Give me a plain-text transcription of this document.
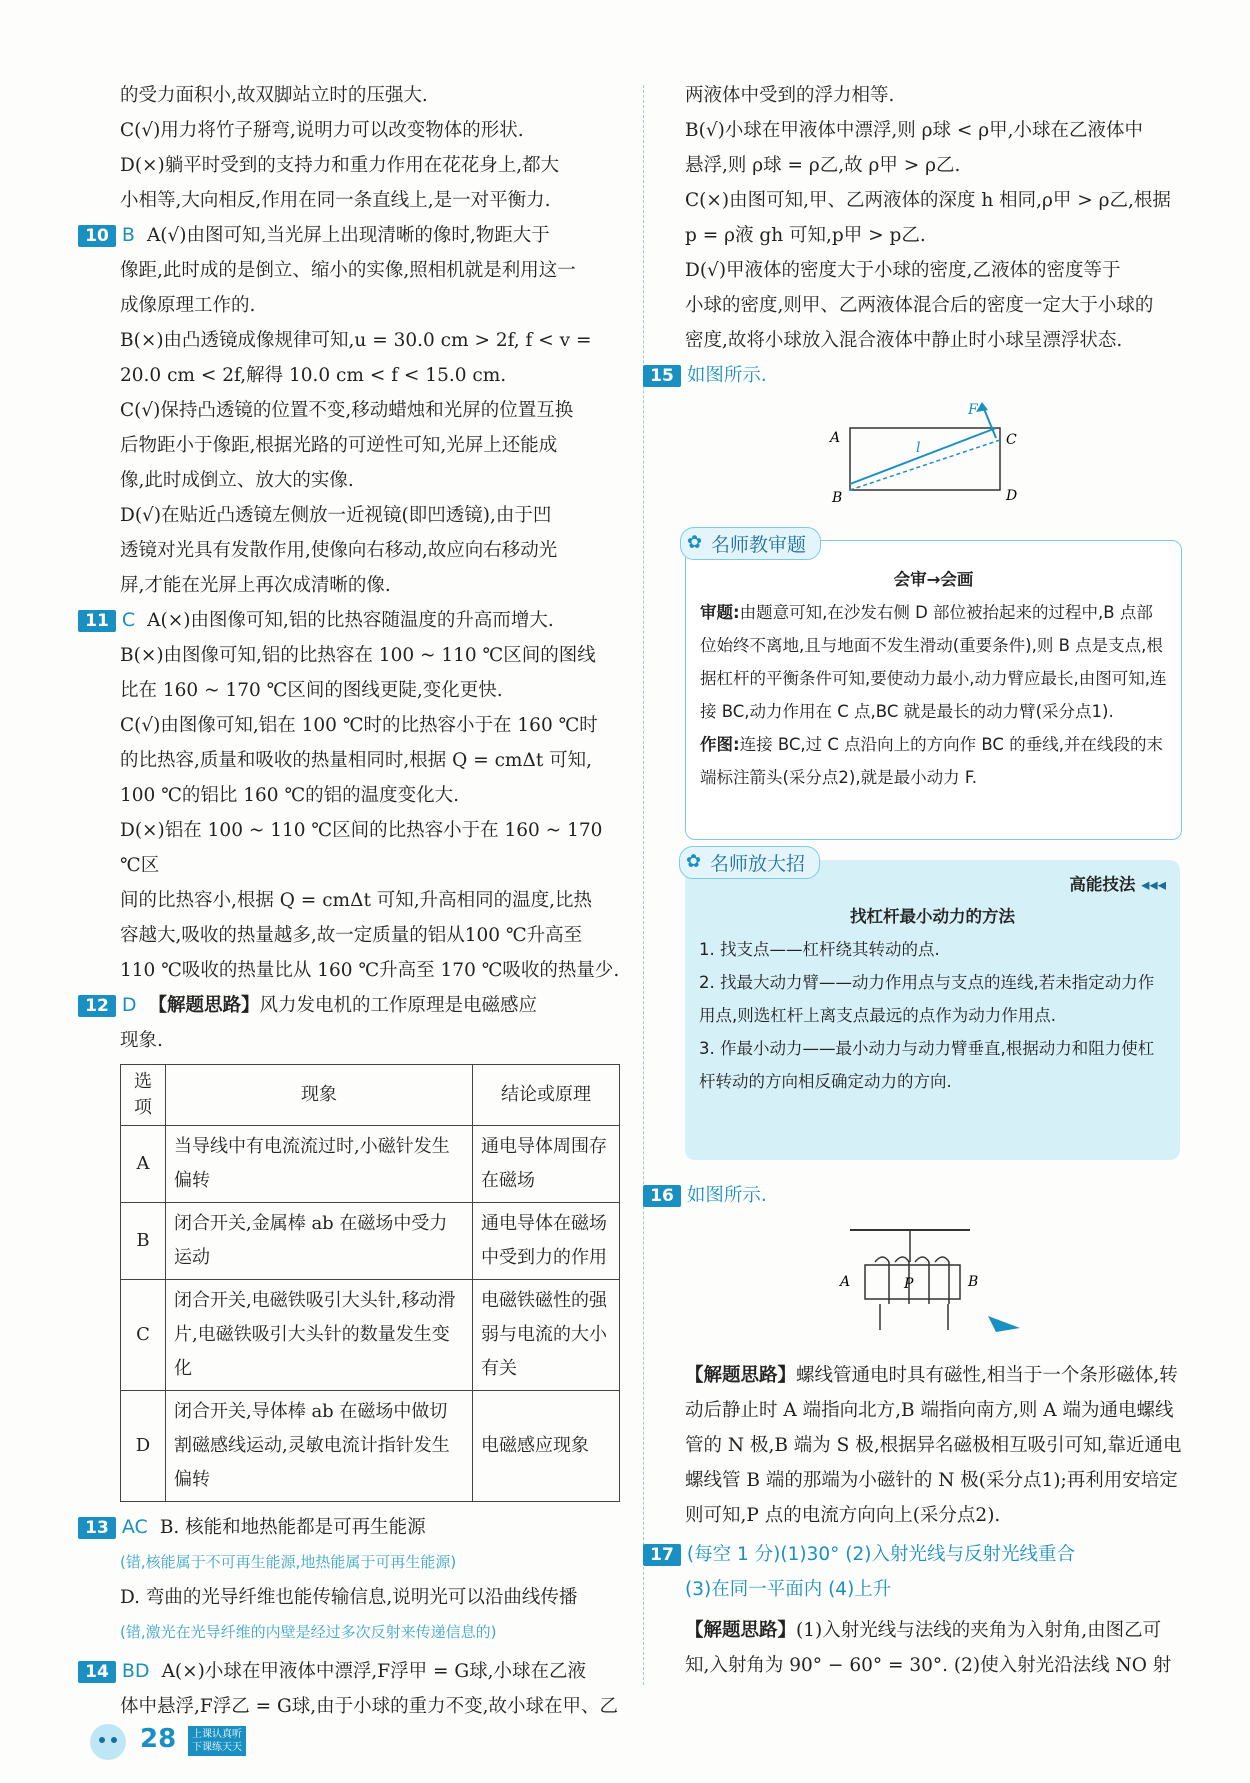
的受力面积小,故双脚站立时的压强大.

C(√)用力将竹子掰弯,说明力可以改变物体的形状.

D(×)躺平时受到的支持力和重力作用在花花身上,都大

小相等,大向相反,作用在同一条直线上,是一对平衡力.

10 B A(√)由图可知,当光屏上出现清晰的像时,物距大于

像距,此时成的是倒立、缩小的实像,照相机就是利用这一

成像原理工作的.

B(×)由凸透镜成像规律可知,u = 30.0 cm > 2f, f < v =

20.0 cm < 2f,解得 10.0 cm < f < 15.0 cm.

C(√)保持凸透镜的位置不变,移动蜡烛和光屏的位置互换

后物距小于像距,根据光路的可逆性可知,光屏上还能成

像,此时成倒立、放大的实像.

D(√)在贴近凸透镜左侧放一近视镜(即凹透镜),由于凹

透镜对光具有发散作用,使像向右移动,故应向右移动光

屏,才能在光屏上再次成清晰的像.

11 C A(×)由图像可知,铝的比热容随温度的升高而增大.

B(×)由图像可知,铝的比热容在 100 ~ 110 ℃区间的图线

比在 160 ~ 170 ℃区间的图线更陡,变化更快.

C(√)由图像可知,铝在 100 ℃时的比热容小于在 160 ℃时

的比热容,质量和吸收的热量相同时,根据 Q = cmΔt 可知,

100 ℃的铝比 160 ℃的铝的温度变化大.

D(×)铝在 100 ~ 110 ℃区间的比热容小于在 160 ~ 170 ℃区

间的比热容小,根据 Q = cmΔt 可知,升高相同的温度,比热

容越大,吸收的热量越多,故一定质量的铝从100 ℃升高至

110 ℃吸收的热量比从 160 ℃升高至 170 ℃吸收的热量少.

12 D 【解题思路】风力发电机的工作原理是电磁感应

现象.

选项	现象	结论或原理
A	当导线中有电流流过时,小磁针发生偏转	通电导体周围存在磁场
B	闭合开关,金属棒 ab 在磁场中受力运动	通电导体在磁场中受到力的作用
C	闭合开关,电磁铁吸引大头针,移动滑片,电磁铁吸引大头针的数量发生变化	电磁铁磁性的强弱与电流的大小有关
D	闭合开关,导体棒 ab 在磁场中做切割磁感线运动,灵敏电流计指针发生偏转	电磁感应现象

13 AC B. 核能和地热能都是可再生能源

(错,核能属于不可再生能源,地热能属于可再生能源)

D. 弯曲的光导纤维也能传输信息,说明光可以沿曲线传播

(错,激光在光导纤维的内壁是经过多次反射来传递信息的)

14 BD A(×)小球在甲液体中漂浮,F浮甲 = G球,小球在乙液

体中悬浮,F浮乙 = G球,由于小球的重力不变,故小球在甲、乙

两液体中受到的浮力相等.

B(√)小球在甲液体中漂浮,则 ρ球 < ρ甲,小球在乙液体中

悬浮,则 ρ球 = ρ乙,故 ρ甲 > ρ乙.

C(×)由图可知,甲、乙两液体的深度 h 相同,ρ甲 > ρ乙,根据

p = ρ液 gh 可知,p甲 > p乙.

D(√)甲液体的密度大于小球的密度,乙液体的密度等于

小球的密度,则甲、乙两液体混合后的密度一定大于小球的

密度,故将小球放入混合液体中静止时小球呈漂浮状态.

15 如图所示.

A
B
C
D
F
l
✿ 名师教审题

会审→会画

审题:由题意可知,在沙发右侧 D 部位被抬起来的过程中,B 点部位始终不离地,且与地面不发生滑动(重要条件),则 B 点是支点,根据杠杆的平衡条件可知,要使动力最小,动力臂应最长,由图可知,连接 BC,动力作用在 C 点,BC 就是最长的动力臂(采分点1).

作图:连接 BC,过 C 点沿向上的方向作 BC 的垂线,并在线段的末端标注箭头(采分点2),就是最小动力 F.

✿ 名师放大招
高能技法 ◂◂◂

找杠杆最小动力的方法

1. 找支点——杠杆绕其转动的点.

2. 找最大动力臂——动力作用点与支点的连线,若未指定动力作用点,则选杠杆上离支点最远的点作为动力作用点.

3. 作最小动力——最小动力与动力臂垂直,根据动力和阻力使杠杆转动的方向相反确定动力的方向.

16 如图所示.

A	B
P

【解题思路】螺线管通电时具有磁性,相当于一个条形磁体,转动后静止时 A 端指向北方,B 端指向南方,则 A 端为通电螺线管的 N 极,B 端为 S 极,根据异名磁极相互吸引可知,靠近通电螺线管 B 端的那端为小磁针的 N 极(采分点1);再利用安培定则可知,P 点的电流方向向上(采分点2).

17 (每空 1 分)(1)30° (2)入射光线与反射光线重合

(3)在同一平面内 (4)上升

【解题思路】(1)入射光线与法线的夹角为入射角,由图乙可知,入射角为 90° − 60° = 30°. (2)使入射光沿法线 NO 射

28	上课认真听
下课练天天
